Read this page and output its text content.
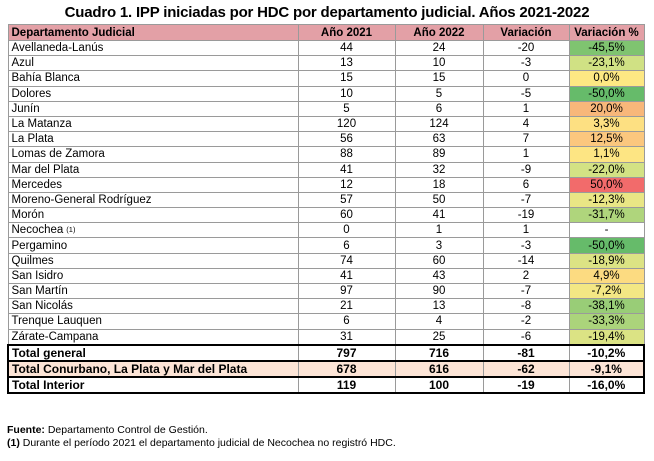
Cuadro 1. IPP iniciadas por HDC por departamento judicial. Años 2021-2022
Departamento Judicial	Año 2021	Año 2022	Variación	Variación %
Avellaneda-Lanús	44	24	-20	-45,5%
Azul	13	10	-3	-23,1%
Bahía Blanca	15	15	0	0,0%
Dolores	10	5	-5	-50,0%
Junín	5	6	1	20,0%
La Matanza	120	124	4	3,3%
La Plata	56	63	7	12,5%
Lomas de Zamora	88	89	1	1,1%
Mar del Plata	41	32	-9	-22,0%
Mercedes	12	18	6	50,0%
Moreno-General Rodríguez	57	50	-7	-12,3%
Morón	60	41	-19	-31,7%
Necochea (1)	0	1	1	-
Pergamino	6	3	-3	-50,0%
Quilmes	74	60	-14	-18,9%
San Isidro	41	43	2	4,9%
San Martín	97	90	-7	-7,2%
San Nicolás	21	13	-8	-38,1%
Trenque Lauquen	6	4	-2	-33,3%
Zárate-Campana	31	25	-6	-19,4%
Total general	797	716	-81	-10,2%
Total Conurbano, La Plata y Mar del Plata	678	616	-62	-9,1%
Total Interior	119	100	-19	-16,0%
Fuente: Departamento Control de Gestión.
(1) Durante el período 2021 el departamento judicial de Necochea no registró HDC.
